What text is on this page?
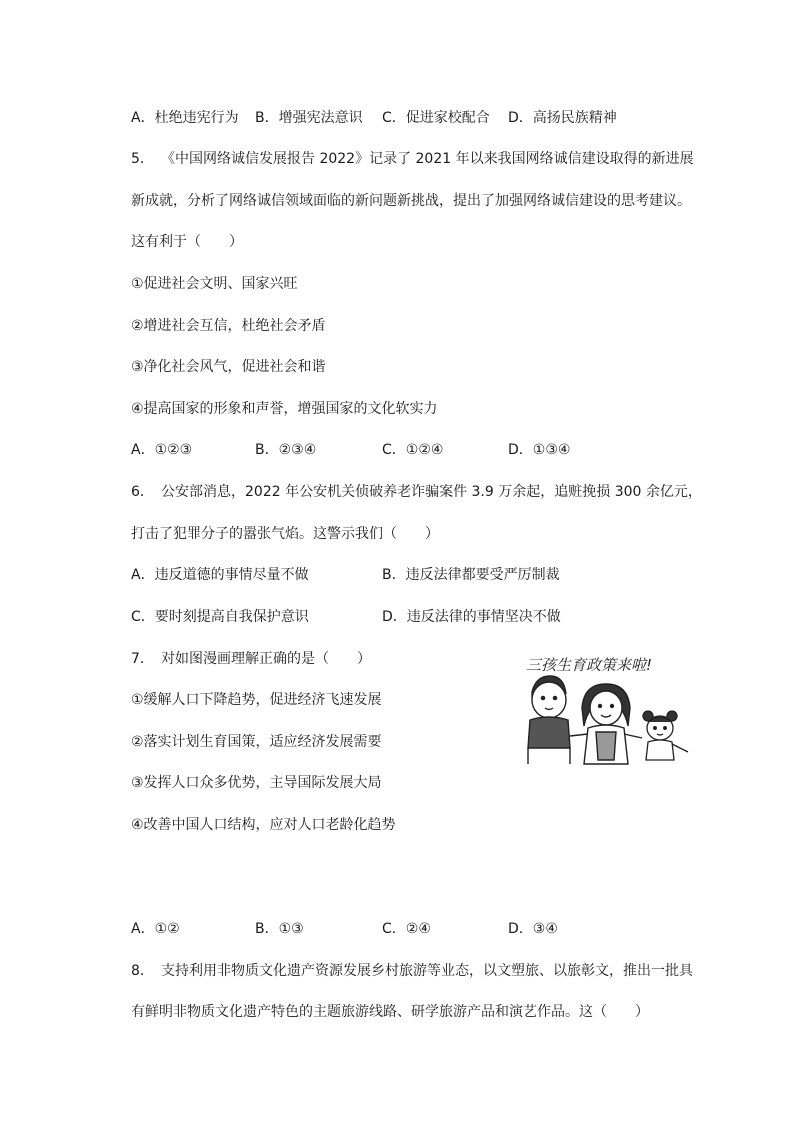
A．杜绝违宪行为 B．增强宪法意识 C．促进家校配合 D．高扬民族精神
5． 《中国网络诚信发展报告 2022》记录了 2021 年以来我国网络诚信建设取得的新进展
新成就，分析了网络诚信领域面临的新问题新挑战，提出了加强网络诚信建设的思考建议。
这有利于（　　）
①促进社会文明、国家兴旺
②增进社会互信，杜绝社会矛盾
③净化社会风气，促进社会和谐
④提高国家的形象和声誉，增强国家的文化软实力
A．①②③	B．②③④	C．①②④	D．①③④
6． 公安部消息，2022 年公安机关侦破养老诈骗案件 3.9 万余起，追赃挽损 300 余亿元，
打击了犯罪分子的嚣张气焰。这警示我们（　　）
A．违反道德的事情尽量不做	B．违反法律都要受严厉制裁
C．要时刻提高自我保护意识	D．违反法律的事情坚决不做
7． 对如图漫画理解正确的是（　　）
①缓解人口下降趋势，促进经济飞速发展
②落实计划生育国策，适应经济发展需要
③发挥人口众多优势，主导国际发展大局
④改善中国人口结构，应对人口老龄化趋势
三孩生育政策来啦!
A．①②	B．①③	C．②④	D．③④
8． 支持利用非物质文化遗产资源发展乡村旅游等业态，以文塑旅、以旅彰文，推出一批具
有鲜明非物质文化遗产特色的主题旅游线路、研学旅游产品和演艺作品。这（　　）
